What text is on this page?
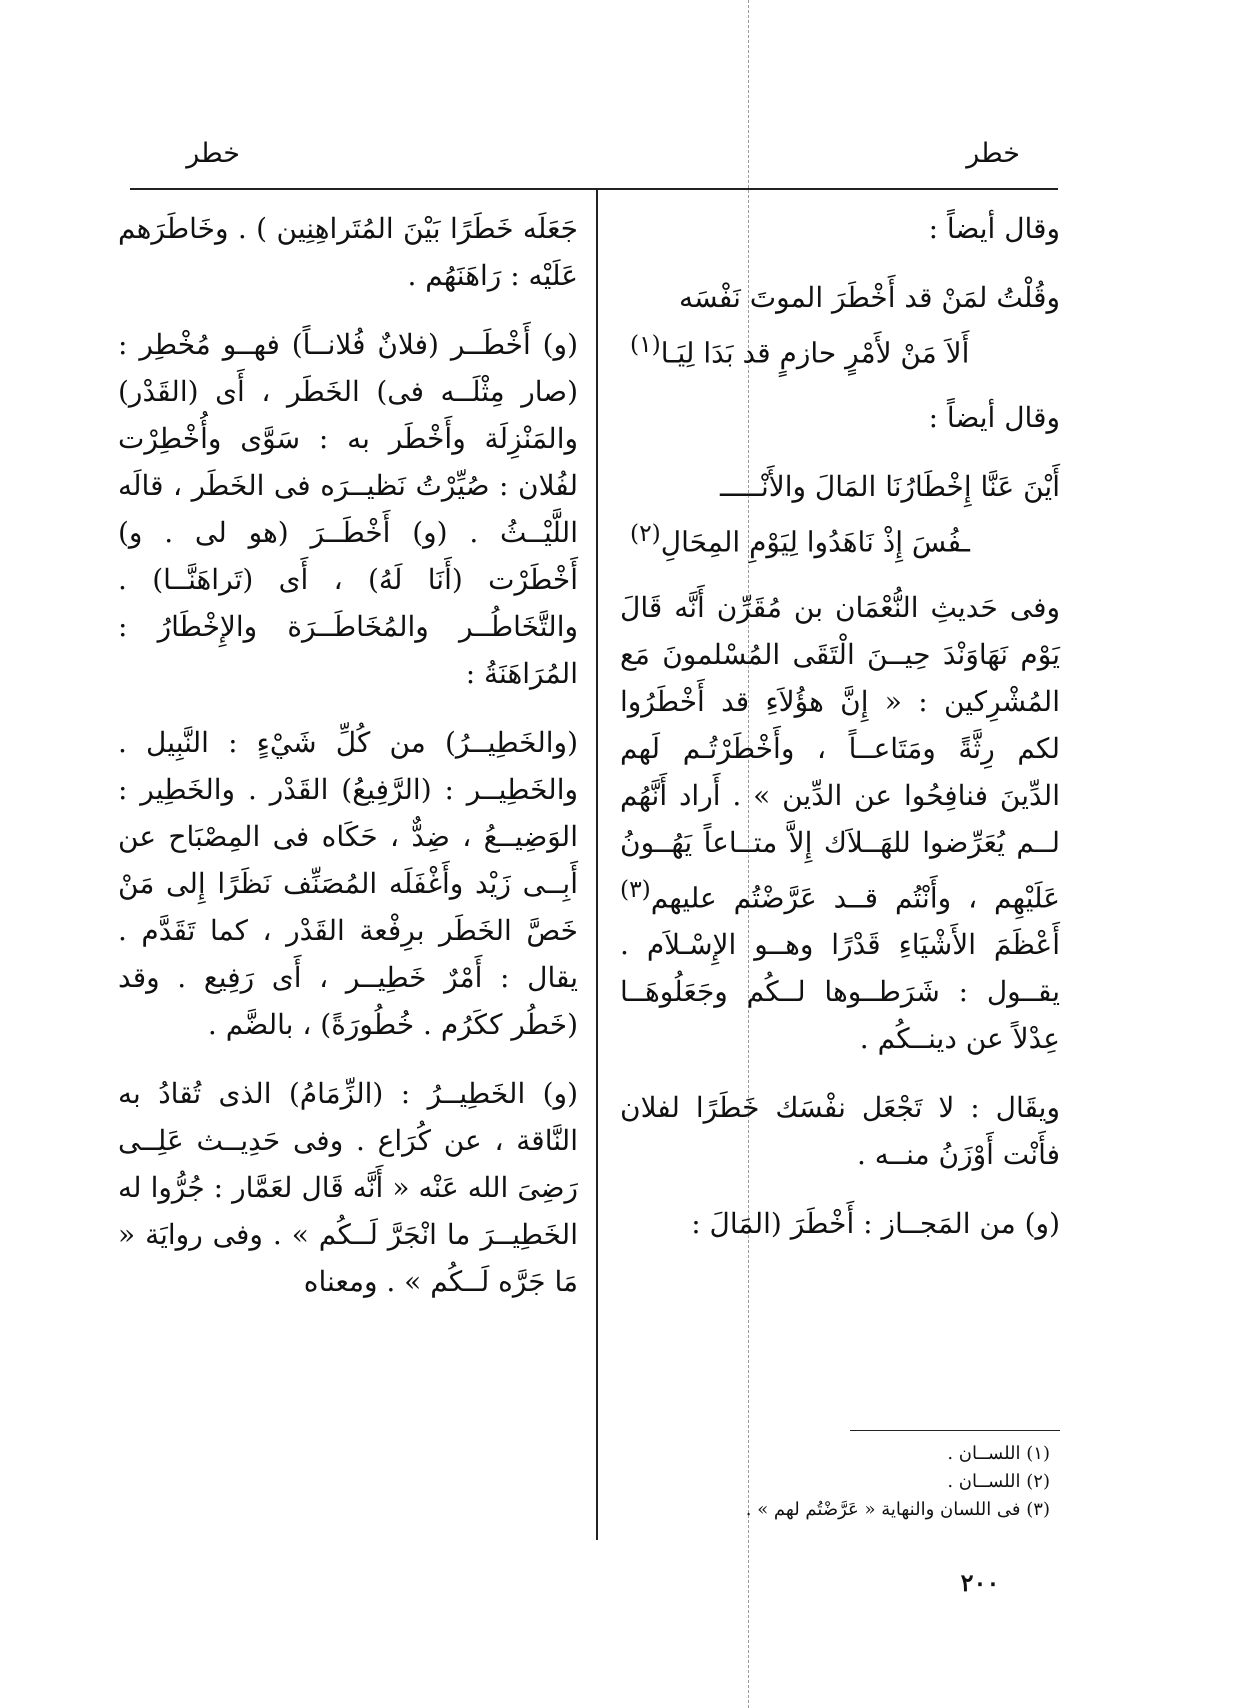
خطر
خطر

وقال أيضاً :

وقُلْتُ لمَنْ قد أَخْطَرَ الموتَ نَفْسَه
أَلاَ مَنْ لأَمْرٍ حازمٍ قد بَدَا لِيَـا$^{(١)}$

وقال أيضاً :

أَيْنَ عَنَّا إِخْطَارُنَا المَالَ والأَنْـــــ
ـفُسَ إِذْ نَاهَدُوا لِيَوْمِ المِحَالِ$^{(٢)}$

وفى حَديثِ النُّعْمَان بن مُقَرِّن أَنَّه قَالَ يَوْم نَهَاوَنْدَ حِيــنَ الْتَقَى المُسْلمونَ مَع المُشْرِكين : « إِنَّ هؤُلاَءِ قد أَخْطَرُوا لكم رِثَّةً ومَتَاعــاً ، وأَخْطَرْتُـم لَهم الدِّينَ فنافِحُوا عن الدِّين » . أَراد أَنَّهُم لــم يُعَرِّضوا للهَــلاَك إِلاَّ متــاعاً يَهُــونُ عَلَيْهِم ، وأَنْتُم قــد عَرَّضْتُم عليهم$^{(٣)}$ أَعْظَمَ الأَشْيَاءِ قَدْرًا وهــو الإِسْـلاَم . يقــول : شَرَطــوها لــكُم وجَعَلُوهَــا عِدْلاً عن دينــكُم .

ويقَال : لا تَجْعَل نفْسَك خَطَرًا لفلان فأَنْت أَوْزَنُ منــه .

(و) من المَجــاز : أَخْطَرَ (المَالَ :

جَعَلَه خَطَرًا بَيْنَ المُتَراهِنِين ) . وخَاطَرَهم عَلَيْه : رَاهَنَهُم .

(و) أَخْطَــر (فلانٌ فُلانــاً) فهــو مُخْطِر : (صار مِثْلَــه فى) الخَطَر ، أَى (القَدْر) والمَنْزِلَة وأَخْطَر به : سَوَّى وأُخْطِرْت لفُلان : صُيِّرْتُ نَظيــرَه فى الخَطَر ، قالَه اللَّيْــثُ . (و) أَخْطَــرَ (هو لى . و) أَخْطَرْت (أَنَا لَهُ) ، أَى (تَراهَنَّــا) . والتَّخَاطُــر والمُخَاطَــرَة والإِخْطَارُ : المُرَاهَنَةُ :

(والخَطِيــرُ) من كُلِّ شَيْءٍ : النَّبِيل . والخَطِيــر : (الرَّفِيعُ) القَدْر . والخَطِير : الوَضِيــعُ ، ضِدٌّ ، حَكَاه فى المِصْبَاح عن أَبِــى زَيْد وأَغْفَلَه المُصَنِّف نَظَرًا إِلى مَنْ خَصَّ الخَطَر برِفْعة القَدْر ، كما تَقَدَّم . يقال : أَمْرٌ خَطِيــر ، أَى رَفِيع . وقد (خَطُر ككَرُم . خُطُورَةً) ، بالضَّم .

(و) الخَطِيــرُ : (الزِّمَامُ) الذى تُقادُ به النَّاقة ، عن كُرَاع . وفى حَدِيــث عَلِــى رَضِىَ الله عَنْه « أَنَّه قَال لعَمَّار : جُرُّوا له الخَطِيــرَ ما انْجَرَّ لَــكُم » . وفى روايَة « مَا جَرَّه لَــكُم » . ومعناه

(١) اللســان .
(٢) اللســان .
(٣) فى اللسان والنهاية « عَرَّضْتُم لهم » .
٢٠٠
